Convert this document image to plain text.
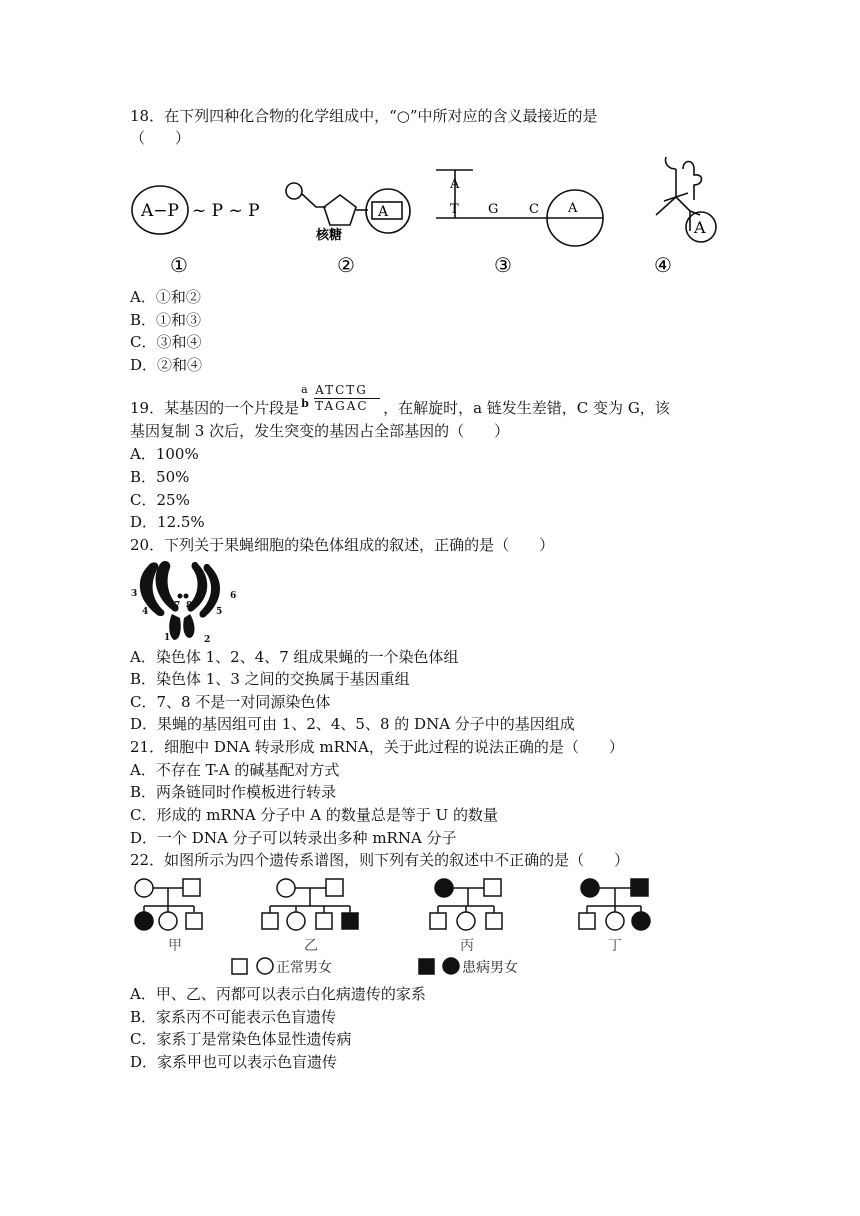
18．在下列四种化合物的化学组成中，“○”中所对应的含义最接近的是
（　　）
A−P ~ P ~ P
核糖
A
A
T G C A
A
①	②	③	④
A．①和②
B．①和③
C．③和④
D．②和④
19．某基因的一个片段是
a
b
ATCTG
TAGAC ，在解旋时，a 链发生差错，C 变为 G，该
基因复制 3 次后，发生突变的基因占全部基因的（　　）
A．100%
B．50%
C．25%
D．12.5%
20．下列关于果蝇细胞的染色体组成的叙述，正确的是（　　）
1	2
3
4	5
6
7 8
A．染色体 1、2、4、7 组成果蝇的一个染色体组
B．染色体 1、3 之间的交换属于基因重组
C．7、8 不是一对同源染色体
D．果蝇的基因组可由 1、2、4、5、8 的 DNA 分子中的基因组成
21．细胞中 DNA 转录形成 mRNA，关于此过程的说法正确的是（　　）
A．不存在 T-A 的碱基配对方式
B．两条链同时作模板进行转录
C．形成的 mRNA 分子中 A 的数量总是等于 U 的数量
D．一个 DNA 分子可以转录出多种 mRNA 分子
22．如图所示为四个遗传系谱图，则下列有关的叙述中不正确的是（　　）
甲	乙	丙	丁
正常男女	患病男女
A．甲、乙、丙都可以表示白化病遗传的家系
B．家系丙不可能表示色盲遗传
C．家系丁是常染色体显性遗传病
D．家系甲也可以表示色盲遗传
